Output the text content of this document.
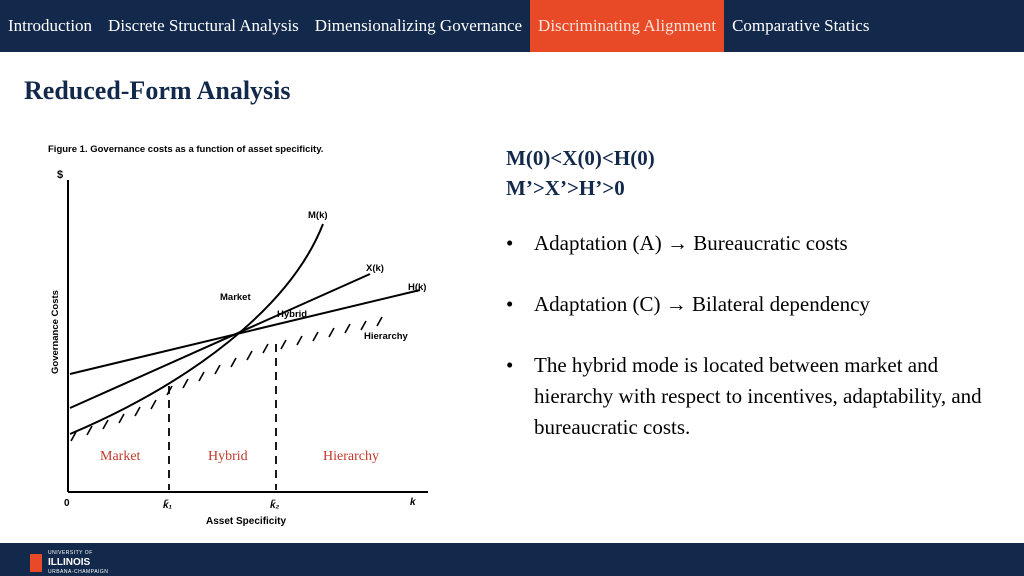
Introduction Discrete Structural Analysis Dimensionalizing Governance Discriminating Alignment Comparative Statics
Reduced-Form Analysis
Figure 1. Governance costs as a function of asset specificity.
$
Governance Costs
0	k
Asset Specificity
k̄₁	k̄₂
M(k)
X(k)
H(k)
Market
Hybrid
Hierarchy
Market	Hybrid	Hierarchy
M(0)<X(0)<H(0)
M’>X’>H’>0
• Adaptation (A) → Bureaucratic costs
• Adaptation (C) → Bilateral dependency
• The hybrid mode is located between market and hierarchy with respect to incentives, adaptability, and bureaucratic costs.
UNIVERSITY OF
ILLINOIS
URBANA-CHAMPAIGN
